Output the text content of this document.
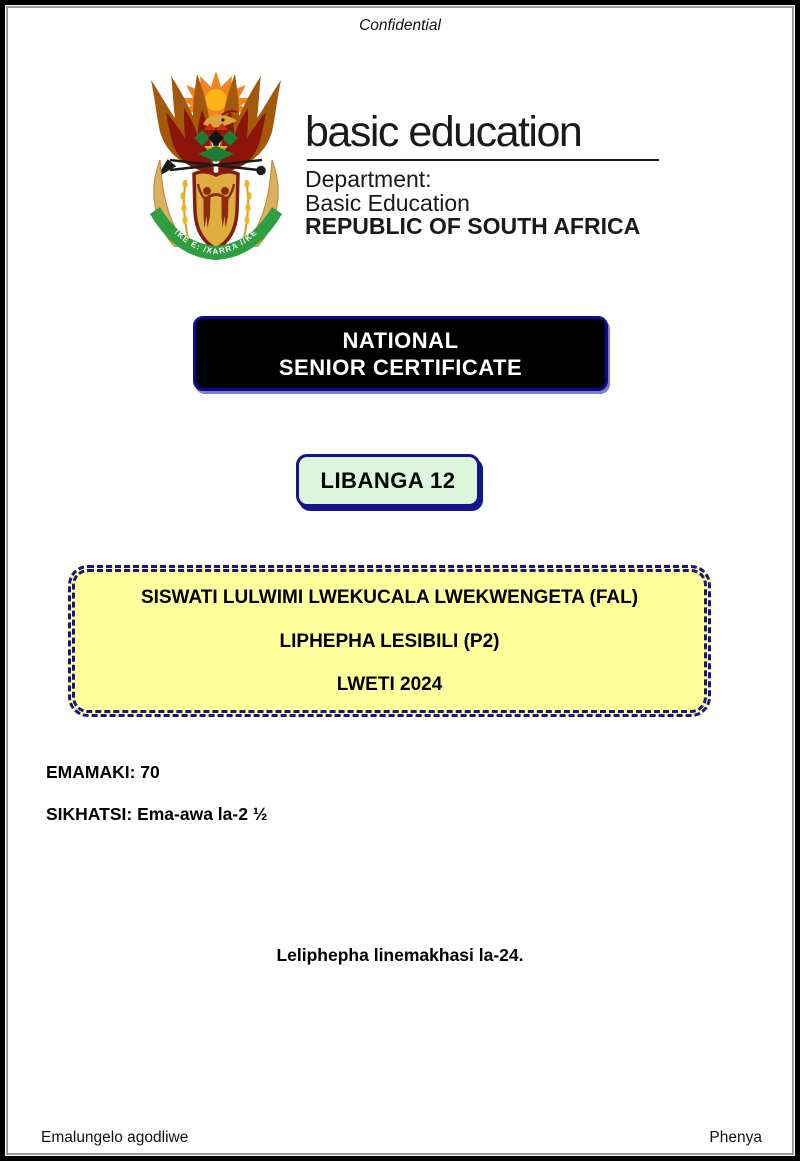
Confidential
!KE E: /XARRA //KE
basic education
Department:
Basic Education
REPUBLIC OF SOUTH AFRICA
NATIONAL
SENIOR CERTIFICATE
LIBANGA 12
SISWATI LULWIMI LWEKUCALA LWEKWENGETA (FAL)
LIPHEPHA LESIBILI (P2)
LWETI 2024
EMAMAKI: 70
SIKHATSI: Ema-awa la-2 ½
Leliphepha linemakhasi la-24.
Emalungelo agodliwe	Phenya
